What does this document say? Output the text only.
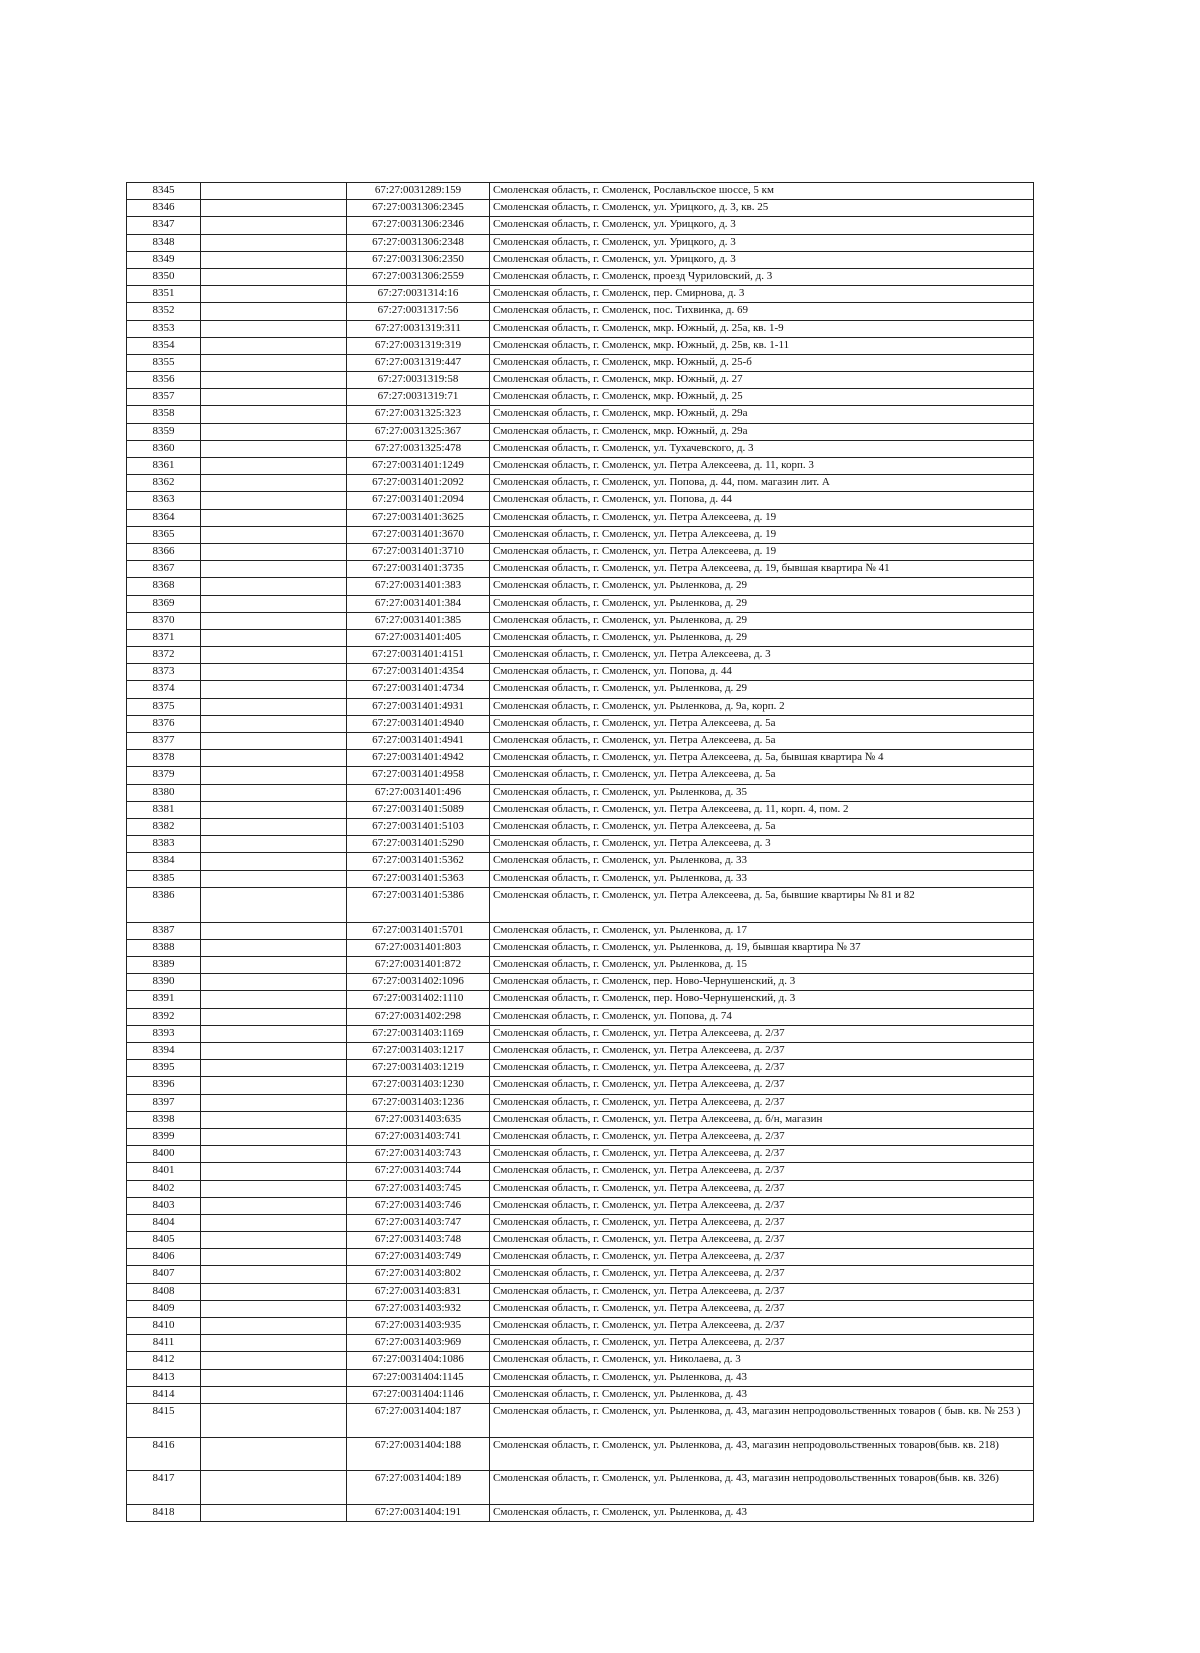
8345		67:27:0031289:159	Смоленская область, г. Смоленск, Рославльское шоссе, 5 км
8346		67:27:0031306:2345	Смоленская область, г. Смоленск, ул. Урицкого, д. 3, кв. 25
8347		67:27:0031306:2346	Смоленская область, г. Смоленск, ул. Урицкого, д. 3
8348		67:27:0031306:2348	Смоленская область, г. Смоленск, ул. Урицкого, д. 3
8349		67:27:0031306:2350	Смоленская область, г. Смоленск, ул. Урицкого, д. 3
8350		67:27:0031306:2559	Смоленская область, г. Смоленск, проезд Чуриловский, д. 3
8351		67:27:0031314:16	Смоленская область, г. Смоленск, пер. Смирнова, д. 3
8352		67:27:0031317:56	Смоленская область, г. Смоленск, пос. Тихвинка, д. 69
8353		67:27:0031319:311	Смоленская область, г. Смоленск, мкр. Южный, д. 25а, кв. 1-9
8354		67:27:0031319:319	Смоленская область, г. Смоленск, мкр. Южный, д. 25в, кв. 1-11
8355		67:27:0031319:447	Смоленская область, г. Смоленск, мкр. Южный, д. 25-б
8356		67:27:0031319:58	Смоленская область, г. Смоленск, мкр. Южный, д. 27
8357		67:27:0031319:71	Смоленская область, г. Смоленск, мкр. Южный, д. 25
8358		67:27:0031325:323	Смоленская область, г. Смоленск, мкр. Южный, д. 29а
8359		67:27:0031325:367	Смоленская область, г. Смоленск, мкр. Южный, д. 29а
8360		67:27:0031325:478	Смоленская область, г. Смоленск, ул. Тухачевского, д. 3
8361		67:27:0031401:1249	Смоленская область, г. Смоленск, ул. Петра Алексеева, д. 11, корп. 3
8362		67:27:0031401:2092	Смоленская область, г. Смоленск, ул. Попова, д. 44, пом. магазин лит. А
8363		67:27:0031401:2094	Смоленская область, г. Смоленск, ул. Попова, д. 44
8364		67:27:0031401:3625	Смоленская область, г. Смоленск, ул. Петра Алексеева, д. 19
8365		67:27:0031401:3670	Смоленская область, г. Смоленск, ул. Петра Алексеева, д. 19
8366		67:27:0031401:3710	Смоленская область, г. Смоленск, ул. Петра Алексеева, д. 19
8367		67:27:0031401:3735	Смоленская область, г. Смоленск, ул. Петра Алексеева, д. 19, бывшая квартира № 41
8368		67:27:0031401:383	Смоленская область, г. Смоленск, ул. Рыленкова, д. 29
8369		67:27:0031401:384	Смоленская область, г. Смоленск, ул. Рыленкова, д. 29
8370		67:27:0031401:385	Смоленская область, г. Смоленск, ул. Рыленкова, д. 29
8371		67:27:0031401:405	Смоленская область, г. Смоленск, ул. Рыленкова, д. 29
8372		67:27:0031401:4151	Смоленская область, г. Смоленск, ул. Петра Алексеева, д. 3
8373		67:27:0031401:4354	Смоленская область, г. Смоленск, ул. Попова, д. 44
8374		67:27:0031401:4734	Смоленская область, г. Смоленск, ул. Рыленкова, д. 29
8375		67:27:0031401:4931	Смоленская область, г. Смоленск, ул. Рыленкова, д. 9а, корп. 2
8376		67:27:0031401:4940	Смоленская область, г. Смоленск, ул. Петра Алексеева, д. 5а
8377		67:27:0031401:4941	Смоленская область, г. Смоленск, ул. Петра Алексеева, д. 5а
8378		67:27:0031401:4942	Смоленская область, г. Смоленск, ул. Петра Алексеева, д. 5а, бывшая квартира № 4
8379		67:27:0031401:4958	Смоленская область, г. Смоленск, ул. Петра Алексеева, д. 5а
8380		67:27:0031401:496	Смоленская область, г. Смоленск, ул. Рыленкова, д. 35
8381		67:27:0031401:5089	Смоленская область, г. Смоленск, ул. Петра Алексеева, д. 11, корп. 4, пом. 2
8382		67:27:0031401:5103	Смоленская область, г. Смоленск, ул. Петра Алексеева, д. 5а
8383		67:27:0031401:5290	Смоленская область, г. Смоленск, ул. Петра Алексеева, д. 3
8384		67:27:0031401:5362	Смоленская область, г. Смоленск, ул. Рыленкова, д. 33
8385		67:27:0031401:5363	Смоленская область, г. Смоленск, ул. Рыленкова, д. 33
8386		67:27:0031401:5386	Смоленская область, г. Смоленск, ул. Петра Алексеева, д. 5а, бывшие квартиры № 81 и 82
8387		67:27:0031401:5701	Смоленская область, г. Смоленск, ул. Рыленкова, д. 17
8388		67:27:0031401:803	Смоленская область, г. Смоленск, ул. Рыленкова, д. 19, бывшая квартира № 37
8389		67:27:0031401:872	Смоленская область, г. Смоленск, ул. Рыленкова, д. 15
8390		67:27:0031402:1096	Смоленская область, г. Смоленск, пер. Ново-Чернушенский, д. 3
8391		67:27:0031402:1110	Смоленская область, г. Смоленск, пер. Ново-Чернушенский, д. 3
8392		67:27:0031402:298	Смоленская область, г. Смоленск, ул. Попова, д. 74
8393		67:27:0031403:1169	Смоленская область, г. Смоленск, ул. Петра Алексеева, д. 2/37
8394		67:27:0031403:1217	Смоленская область, г. Смоленск, ул. Петра Алексеева, д. 2/37
8395		67:27:0031403:1219	Смоленская область, г. Смоленск, ул. Петра Алексеева, д. 2/37
8396		67:27:0031403:1230	Смоленская область, г. Смоленск, ул. Петра Алексеева, д. 2/37
8397		67:27:0031403:1236	Смоленская область, г. Смоленск, ул. Петра Алексеева, д. 2/37
8398		67:27:0031403:635	Смоленская область, г. Смоленск, ул. Петра Алексеева, д. б/н, магазин
8399		67:27:0031403:741	Смоленская область, г. Смоленск, ул. Петра Алексеева, д. 2/37
8400		67:27:0031403:743	Смоленская область, г. Смоленск, ул. Петра Алексеева, д. 2/37
8401		67:27:0031403:744	Смоленская область, г. Смоленск, ул. Петра Алексеева, д. 2/37
8402		67:27:0031403:745	Смоленская область, г. Смоленск, ул. Петра Алексеева, д. 2/37
8403		67:27:0031403:746	Смоленская область, г. Смоленск, ул. Петра Алексеева, д. 2/37
8404		67:27:0031403:747	Смоленская область, г. Смоленск, ул. Петра Алексеева, д. 2/37
8405		67:27:0031403:748	Смоленская область, г. Смоленск, ул. Петра Алексеева, д. 2/37
8406		67:27:0031403:749	Смоленская область, г. Смоленск, ул. Петра Алексеева, д. 2/37
8407		67:27:0031403:802	Смоленская область, г. Смоленск, ул. Петра Алексеева, д. 2/37
8408		67:27:0031403:831	Смоленская область, г. Смоленск, ул. Петра Алексеева, д. 2/37
8409		67:27:0031403:932	Смоленская область, г. Смоленск, ул. Петра Алексеева, д. 2/37
8410		67:27:0031403:935	Смоленская область, г. Смоленск, ул. Петра Алексеева, д. 2/37
8411		67:27:0031403:969	Смоленская область, г. Смоленск, ул. Петра Алексеева, д. 2/37
8412		67:27:0031404:1086	Смоленская область, г. Смоленск, ул. Николаева, д. 3
8413		67:27:0031404:1145	Смоленская область, г. Смоленск, ул. Рыленкова, д. 43
8414		67:27:0031404:1146	Смоленская область, г. Смоленск, ул. Рыленкова, д. 43
8415		67:27:0031404:187	Смоленская область, г. Смоленск, ул. Рыленкова, д. 43, магазин непродовольственных товаров ( быв. кв. № 253 )
8416		67:27:0031404:188	Смоленская область, г. Смоленск, ул. Рыленкова, д. 43, магазин непродовольственных товаров(быв. кв. 218)
8417		67:27:0031404:189	Смоленская область, г. Смоленск, ул. Рыленкова, д. 43, магазин непродовольственных товаров(быв. кв. 326)
8418		67:27:0031404:191	Смоленская область, г. Смоленск, ул. Рыленкова, д. 43
